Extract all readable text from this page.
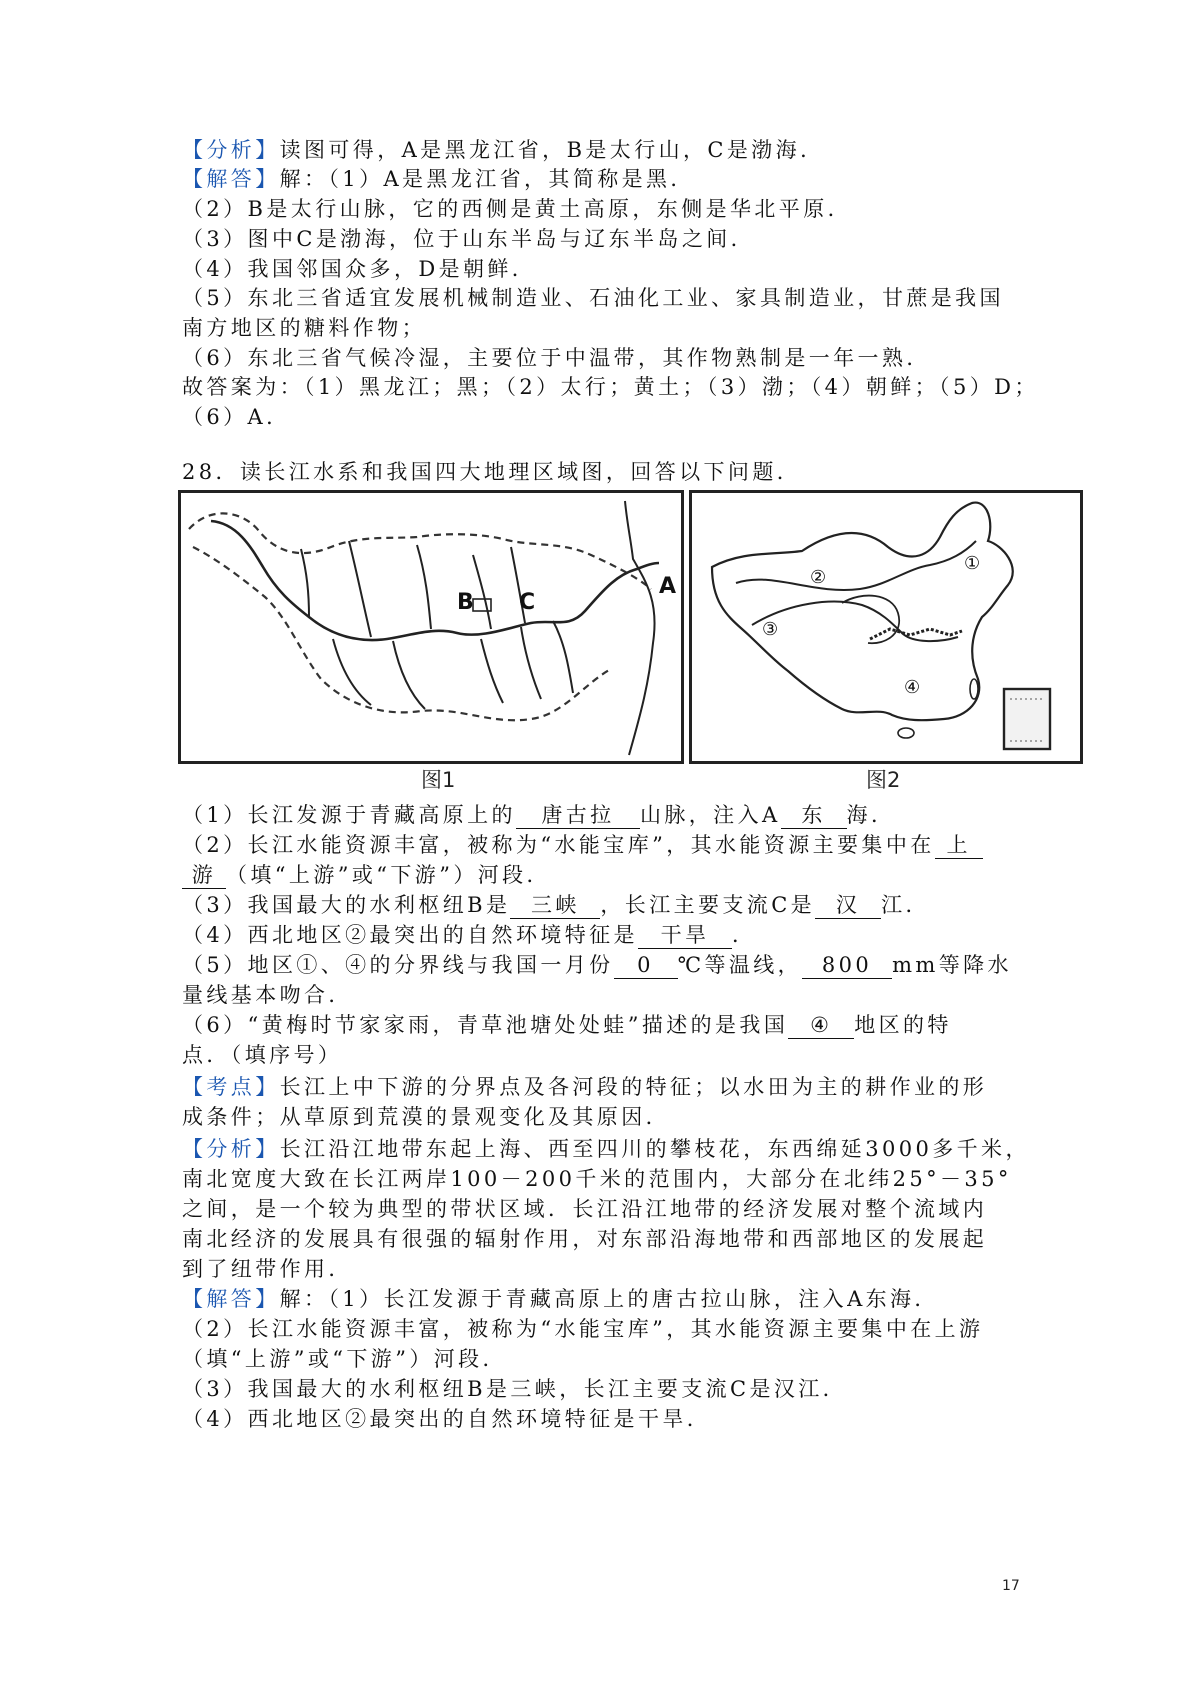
【分析】读图可得，A是黑龙江省，B是太行山，C是渤海．
【解答】解：（1）A是黑龙江省，其简称是黑．
（2）B是太行山脉，它的西侧是黄土高原，东侧是华北平原．
（3）图中C是渤海，位于山东半岛与辽东半岛之间．
（4）我国邻国众多，D是朝鲜．
（5）东北三省适宜发展机械制造业、石油化工业、家具制造业，甘蔗是我国
南方地区的糖料作物；
（6）东北三省气候冷湿，主要位于中温带，其作物熟制是一年一熟．
故答案为：（1）黑龙江；黑；（2）太行；黄土；（3）渤；（4）朝鲜；（5）D；
（6）A．
28．读长江水系和我国四大地理区域图，回答以下问题．
B C
A
图1
①
②
③
④
图2
（1）长江发源于青藏高原上的 唐古拉 山脉，注入A 东 海．
（2）长江水能资源丰富，被称为“水能宝库”，其水能资源主要集中在 上
游 （填“上游”或“下游”）河段．
（3）我国最大的水利枢纽B是 三峡 ，长江主要支流C是 汉 江．
（4）西北地区②最突出的自然环境特征是 干旱 ．
（5）地区①、④的分界线与我国一月份 0 ℃等温线， 800 mm等降水
量线基本吻合．
（6）“黄梅时节家家雨，青草池塘处处蛙”描述的是我国 ④ 地区的特
点．（填序号）
【考点】长江上中下游的分界点及各河段的特征；以水田为主的耕作业的形
成条件；从草原到荒漠的景观变化及其原因．
【分析】长江沿江地带东起上海、西至四川的攀枝花，东西绵延3000多千米，
南北宽度大致在长江两岸100－200千米的范围内，大部分在北纬25°－35°
之间，是一个较为典型的带状区域．长江沿江地带的经济发展对整个流域内
南北经济的发展具有很强的辐射作用，对东部沿海地带和西部地区的发展起
到了纽带作用．
【解答】解：（1）长江发源于青藏高原上的唐古拉山脉，注入A东海．
（2）长江水能资源丰富，被称为“水能宝库”，其水能资源主要集中在上游
（填“上游”或“下游”）河段．
（3）我国最大的水利枢纽B是三峡，长江主要支流C是汉江．
（4）西北地区②最突出的自然环境特征是干旱．
17
